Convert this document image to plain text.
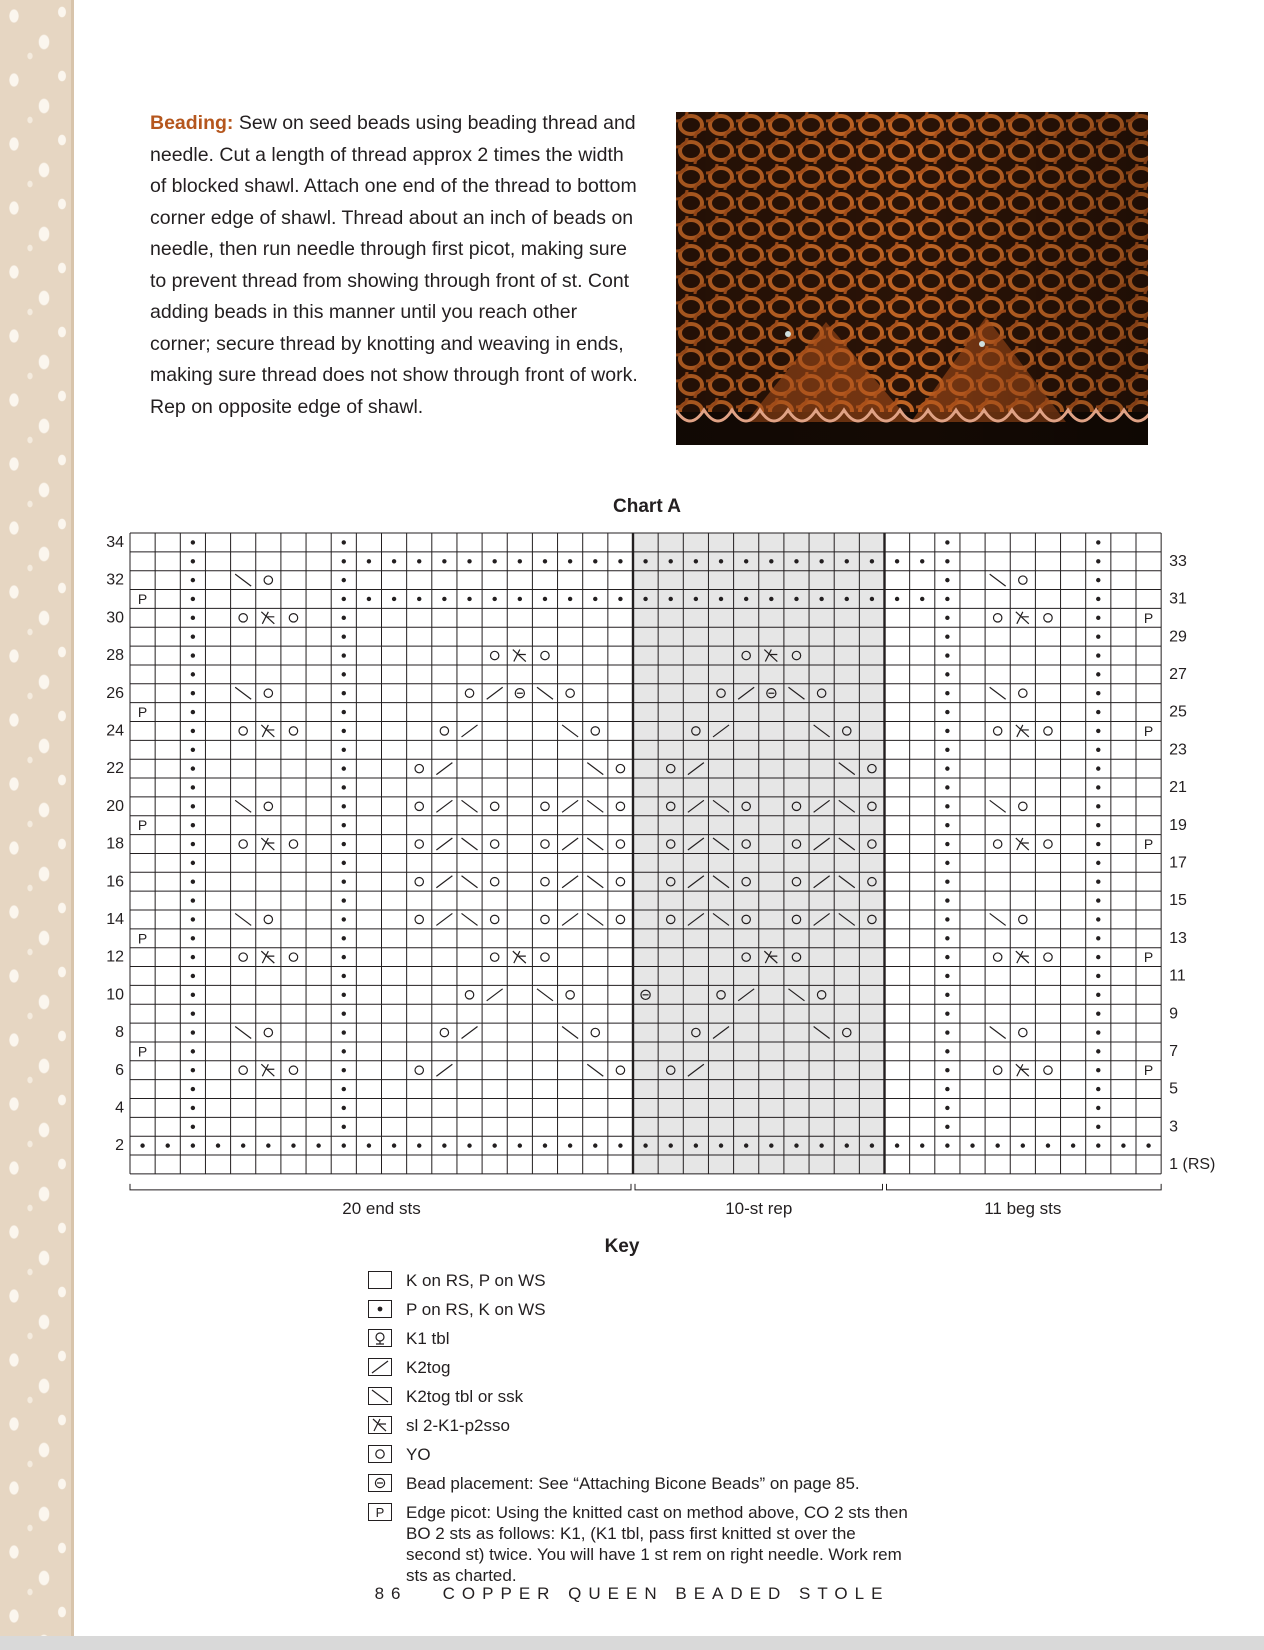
Beading: Sew on seed beads using beading thread and needle. Cut a length of thread approx 2 times the width of blocked shawl. Attach one end of the thread to bottom corner edge of shawl. Thread about an inch of beads on needle, then run needle through first picot, making sure to prevent thread from showing through front of st. Cont adding beads in this manner until you reach other corner; secure thread by knotting and weaving in ends, making sure thread does not show through front of work. Rep on opposite edge of shawl.

Chart A
P
P
P
P
P
P
P
P
P
P
34
32
30
28
26
24
22
20
18
16
14
12
10
8
6
4
2
33
31
29
27
25
23
21
19
17
15
13
11
9
7
5
3
1 (RS)
20 end sts	10-st rep	11 beg sts
Key
K on RS, P on WS
P on RS, K on WS
K1 tbl
K2tog
K2tog tbl or ssk
sl 2-K1-p2sso
YO
Bead placement: See “Attaching Bicone Beads” on page 85.
P Edge picot: Using the knitted cast on method above, CO 2 sts then BO 2 sts as follows: K1, (K1 tbl, pass first knitted st over the second st) twice. You will have 1 st rem on right needle. Work rem sts as charted.
86 COPPER QUEEN BEADED STOLE
